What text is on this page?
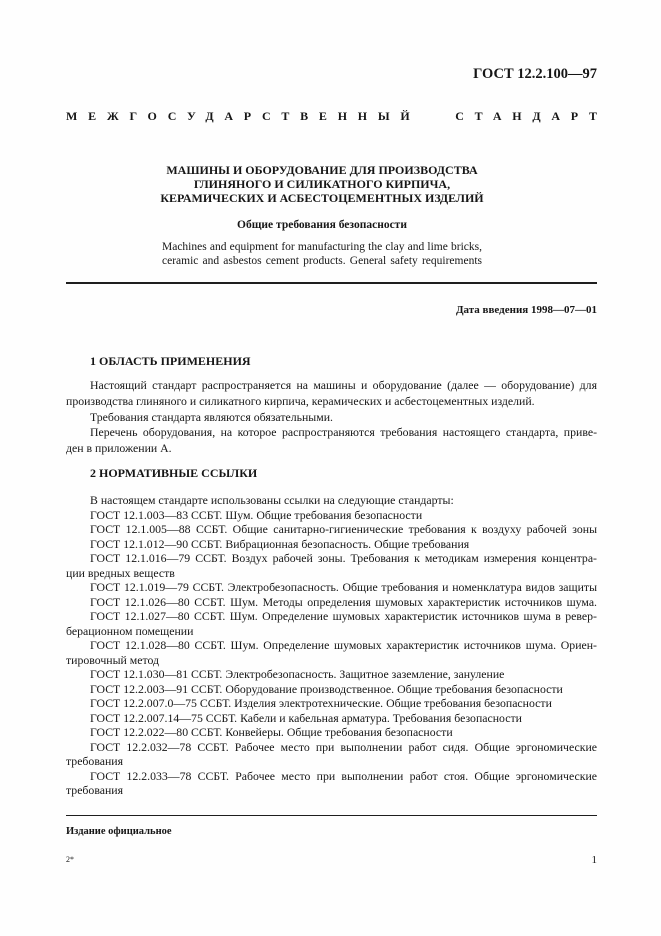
ГОСТ 12.2.100—97
МЕЖГОСУДАРСТВЕННЫЙ	СТАНДАРТ
МАШИНЫ И ОБОРУДОВАНИЕ ДЛЯ ПРОИЗВОДСТВА
ГЛИНЯНОГО И СИЛИКАТНОГО КИРПИЧА,
КЕРАМИЧЕСКИХ И АСБЕСТОЦЕМЕНТНЫХ ИЗДЕЛИЙ
Общие требования безопасности
Machines and equipment for manufacturing the clay and lime bricks,
ceramic and asbestos cement products. General safety requirements
Дата введения 1998—07—01
1 ОБЛАСТЬ ПРИМЕНЕНИЯ
Настоящий стандарт распространяется на машины и оборудование (далее — оборудование) для
производства глиняного и силикатного кирпича, керамических и асбестоцементных изделий.
Требования стандарта являются обязательными.
Перечень оборудования, на которое распространяются требования настоящего стандарта, приве-
ден в приложении А.
2 НОРМАТИВНЫЕ ССЫЛКИ
В настоящем стандарте использованы ссылки на следующие стандарты:
ГОСТ 12.1.003—83 ССБТ. Шум. Общие требования безопасности
ГОСТ 12.1.005—88 ССБТ. Общие санитарно-гигиенические требования к воздуху рабочей зоны
ГОСТ 12.1.012—90 ССБТ. Вибрационная безопасность. Общие требования
ГОСТ 12.1.016—79 ССБТ. Воздух рабочей зоны. Требования к методикам измерения концентра-
ции вредных веществ
ГОСТ 12.1.019—79 ССБТ. Электробезопасность. Общие требования и номенклатура видов защиты
ГОСТ 12.1.026—80 ССБТ. Шум. Методы определения шумовых характеристик источников шума.
ГОСТ 12.1.027—80 ССБТ. Шум. Определение шумовых характеристик источников шума в ревер-
берационном помещении
ГОСТ 12.1.028—80 ССБТ. Шум. Определение шумовых характеристик источников шума. Ориен-
тировочный метод
ГОСТ 12.1.030—81 ССБТ. Электробезопасность. Защитное заземление, зануление
ГОСТ 12.2.003—91 ССБТ. Оборудование производственное. Общие требования безопасности
ГОСТ 12.2.007.0—75 ССБТ. Изделия электротехнические. Общие требования безопасности
ГОСТ 12.2.007.14—75 ССБТ. Кабели и кабельная арматура. Требования безопасности
ГОСТ 12.2.022—80 ССБТ. Конвейеры. Общие требования безопасности
ГОСТ 12.2.032—78 ССБТ. Рабочее место при выполнении работ сидя. Общие эргономические
требования
ГОСТ 12.2.033—78 ССБТ. Рабочее место при выполнении работ стоя. Общие эргономические
требования
Издание официальное
2*	1
